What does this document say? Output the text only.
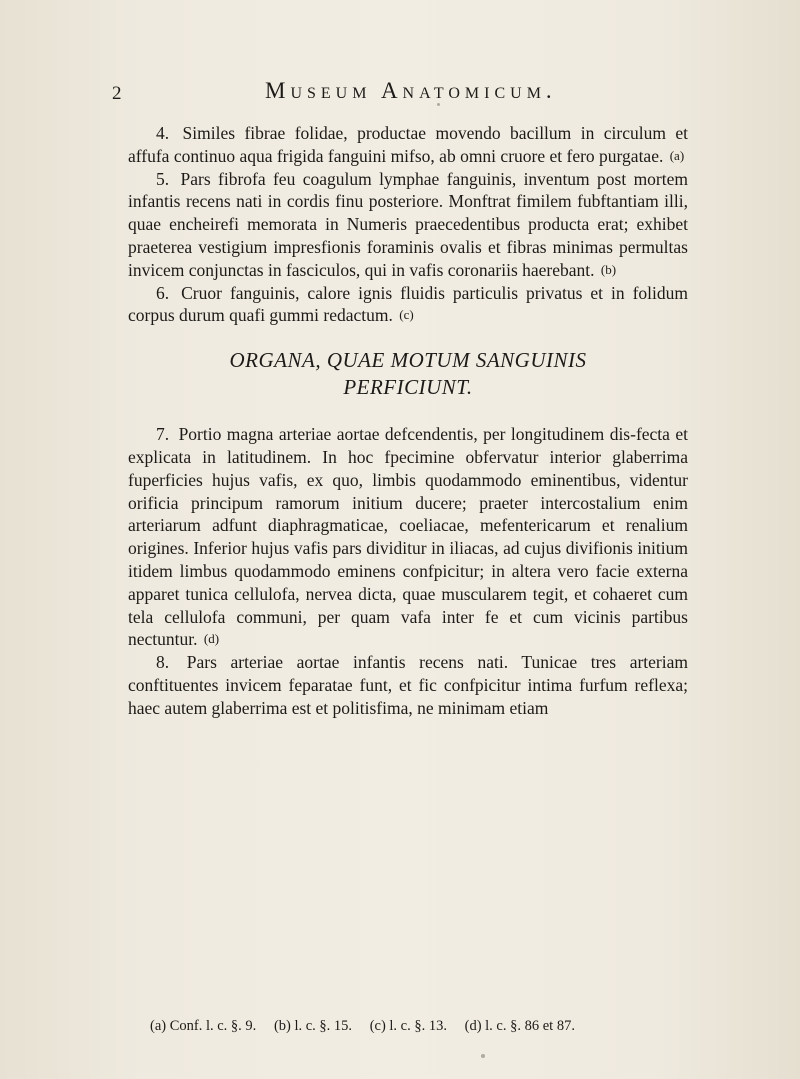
2	Museum Anatomicum.

4. Similes fibrae folidae, productae movendo bacillum in circulum et affufa continuo aqua frigida fanguini mifso, ab omni cruore et fero purgatae. (a)

5. Pars fibrofa feu coagulum lymphae fanguinis, inventum post mortem infantis recens nati in cordis finu posteriore. Monftrat fimilem fubftantiam illi, quae encheirefi memorata in Numeris praecedentibus producta erat; exhibet praeterea vestigium impresfionis foraminis ovalis et fibras minimas permultas invicem conjunctas in fasciculos, qui in vafis coronariis haerebant. (b)

6. Cruor fanguinis, calore ignis fluidis particulis privatus et in folidum corpus durum quafi gummi redactum. (c)

ORGANA, QUAE MOTUM SANGUINIS
PERFICIUNT.

7. Portio magna arteriae aortae defcendentis, per longitudinem dis-fecta et explicata in latitudinem. In hoc fpecimine obfervatur interior glaberrima fuperficies hujus vafis, ex quo, limbis quodammodo eminentibus, videntur orificia principum ramorum initium ducere; praeter intercostalium enim arteriarum adfunt diaphragmaticae, coeliacae, mefentericarum et renalium origines. Inferior hujus vafis pars dividitur in iliacas, ad cujus divifionis initium itidem limbus quodammodo eminens confpicitur; in altera vero facie externa apparet tunica cellulofa, nervea dicta, quae muscularem tegit, et cohaeret cum tela cellulofa communi, per quam vafa inter fe et cum vicinis partibus nectuntur. (d)

8. Pars arteriae aortae infantis recens nati. Tunicae tres arteriam conftituentes invicem feparatae funt, et fic confpicitur intima furfum reflexa; haec autem glaberrima est et politisfima, ne minimam etiam

(a) Conf. l. c. §. 9. (b) l. c. §. 15. (c) l. c. §. 13. (d) l. c. §. 86 et 87.
